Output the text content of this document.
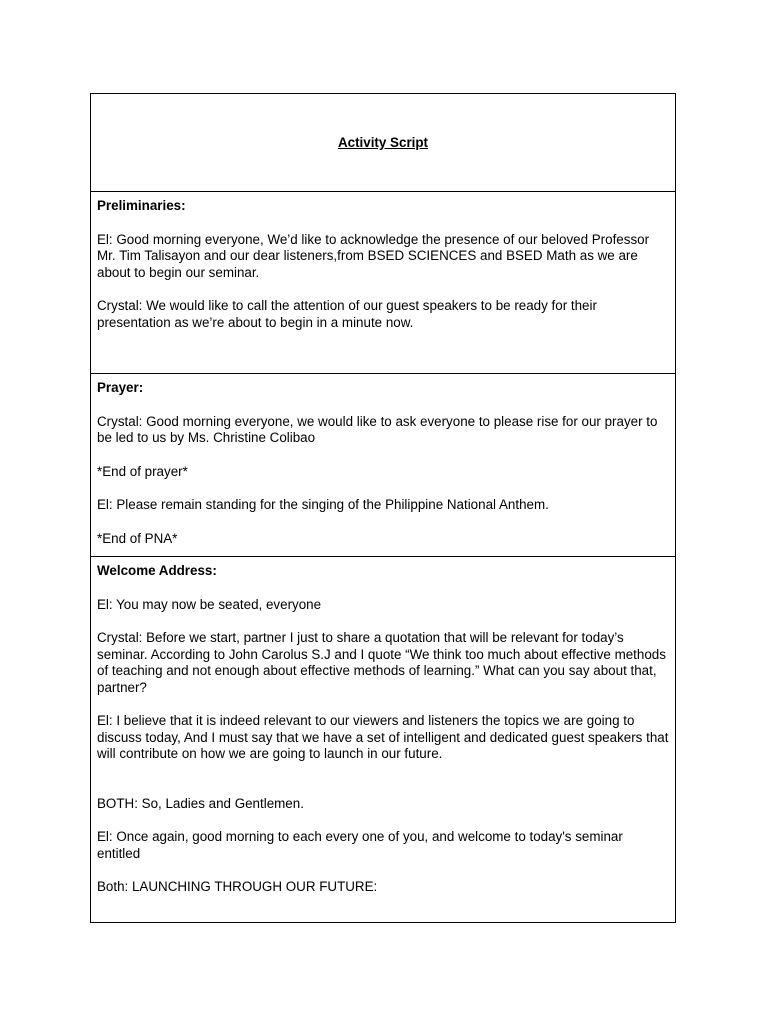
Activity Script
Preliminaries:
El: Good morning everyone, We’d like to acknowledge the presence of our beloved Professor Mr. Tim Talisayon and our dear listeners,from BSED SCIENCES and BSED Math as we are about to begin our seminar.
Crystal: We would like to call the attention of our guest speakers to be ready for their presentation as we’re about to begin in a minute now.
Prayer:
Crystal: Good morning everyone, we would like to ask everyone to please rise for our prayer to be led to us by Ms. Christine Colibao
*End of prayer*
El: Please remain standing for the singing of the Philippine National Anthem.
*End of PNA*
Welcome Address:
El: You may now be seated, everyone
Crystal: Before we start, partner I just to share a quotation that will be relevant for today’s seminar. According to John Carolus S.J and I quote “We think too much about effective methods of teaching and not enough about effective methods of learning.” What can you say about that, partner?
El: I believe that it is indeed relevant to our viewers and listeners the topics we are going to discuss today, And I must say that we have a set of intelligent and dedicated guest speakers that will contribute on how we are going to launch in our future.
BOTH: So, Ladies and Gentlemen.
El: Once again, good morning to each every one of you, and welcome to today's seminar entitled
Both: LAUNCHING THROUGH OUR FUTURE:
